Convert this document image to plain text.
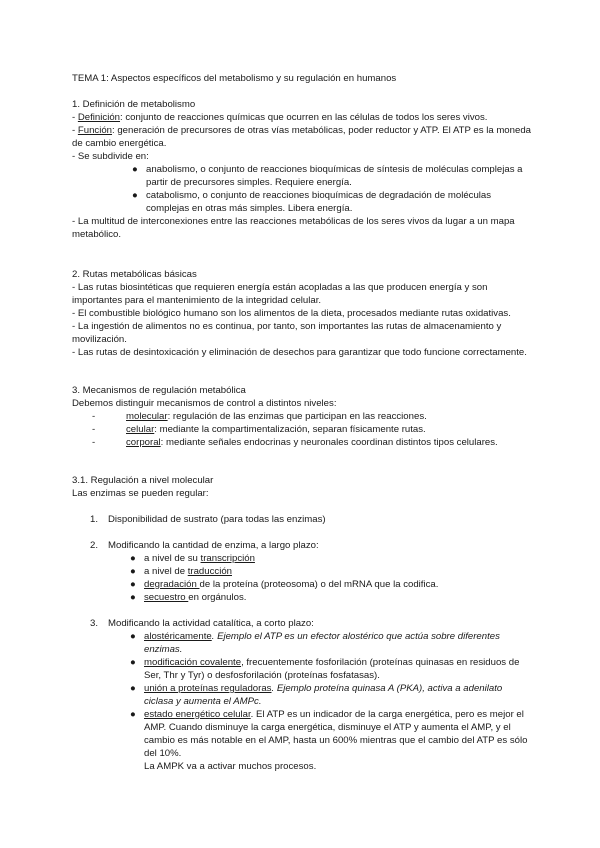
TEMA 1: Aspectos específicos del metabolismo y su regulación en humanos

1. Definición de metabolismo

- Definición: conjunto de reacciones químicas que ocurren en las células de todos los seres vivos.

- Función: generación de precursores de otras vías metabólicas, poder reductor y ATP. El ATP es la moneda de cambio energética.

- Se subdivide en:

● anabolismo, o conjunto de reacciones bioquímicas de síntesis de moléculas complejas a partir de precursores simples. Requiere energía.
● catabolismo, o conjunto de reacciones bioquímicas de degradación de moléculas complejas en otras más simples. Libera energía.

- La multitud de interconexiones entre las reacciones metabólicas de los seres vivos da lugar a un mapa metabólico.

2. Rutas metabólicas básicas

- Las rutas biosintéticas que requieren energía están acopladas a las que producen energía y son importantes para el mantenimiento de la integridad celular.

- El combustible biológico humano son los alimentos de la dieta, procesados mediante rutas oxidativas.

- La ingestión de alimentos no es continua, por tanto, son importantes las rutas de almacenamiento y movilización.

- Las rutas de desintoxicación y eliminación de desechos para garantizar que todo funcione correctamente.

3. Mecanismos de regulación metabólica

Debemos distinguir mecanismos de control a distintos niveles:

-	molecular: regulación de las enzimas que participan en las reacciones.
-	celular: mediante la compartimentalización, separan físicamente rutas.
-	corporal: mediante señales endocrinas y neuronales coordinan distintos tipos celulares.

3.1. Regulación a nivel molecular

Las enzimas se pueden regular:

1. Disponibilidad de sustrato (para todas las enzimas)
2. Modificando la cantidad de enzima, a largo plazo:
● a nivel de su transcripción
● a nivel de traducción
● degradación de la proteína (proteosoma) o del mRNA que la codifica.
● secuestro en orgánulos.
3. Modificando la actividad catalítica, a corto plazo:
● alostéricamente. Ejemplo el ATP es un efector alostérico que actúa sobre diferentes enzimas.
● modificación covalente, frecuentemente fosforilación (proteínas quinasas en residuos de Ser, Thr y Tyr) o desfosforilación (proteínas fosfatasas).
● unión a proteínas reguladoras. Ejemplo proteína quinasa A (PKA), activa a adenilato ciclasa y aumenta el AMPc.
● estado energético celular. El ATP es un indicador de la carga energética, pero es mejor el AMP. Cuando disminuye la carga energética, disminuye el ATP y aumenta el AMP, y el cambio es más notable en el AMP, hasta un 600% mientras que el cambio del ATP es sólo del 10%.
La AMPK va a activar muchos procesos.
